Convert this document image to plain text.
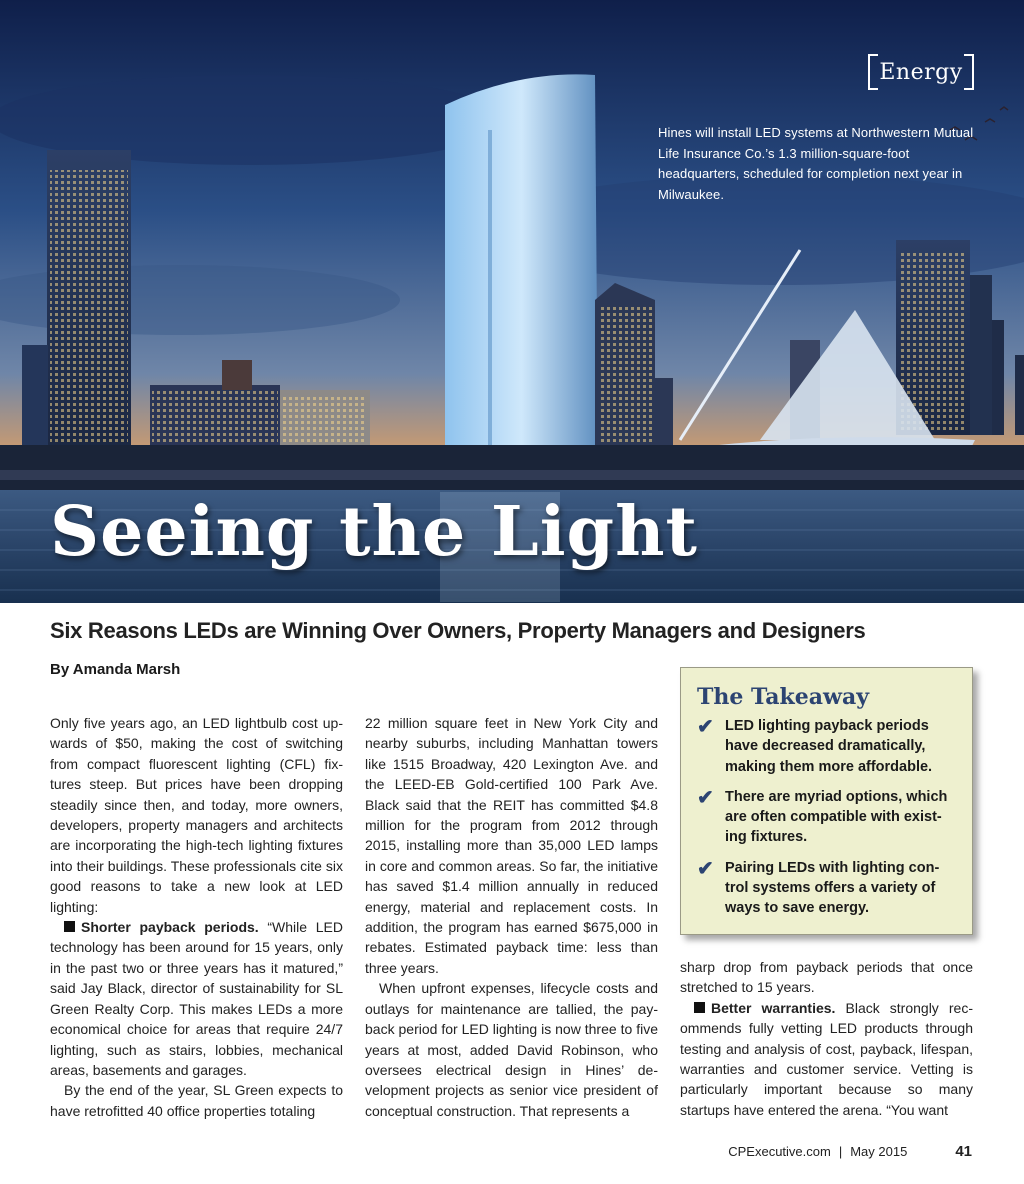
Energy
Hines will install LED systems at Northwestern Mutual Life Insurance Co.’s 1.3 million-square-foot headquarters, scheduled for completion next year in Milwaukee.
Seeing the Light
Six Reasons LEDs are Winning Over Owners, Property Managers and Designers
By Amanda Marsh

Only five years ago, an LED lightbulb cost upwards of $50, making the cost of switching from compact fluorescent lighting (CFL) fixtures steep. But prices have been dropping steadily since then, and today, more owners, developers, property managers and architects are incorporating the high-tech lighting fixtures into their buildings. These professionals cite six good reasons to take a new look at LED lighting:

Shorter payback periods. “While LED technology has been around for 15 years, only in the past two or three years has it matured,” said Jay Black, director of sustainability for SL Green Realty Corp. This makes LEDs a more economical choice for areas that require 24/7 lighting, such as stairs, lobbies, mechanical areas, basements and garages.

By the end of the year, SL Green expects to have retrofitted 40 office properties totaling

22 million square feet in New York City and nearby suburbs, including Manhattan towers like 1515 Broadway, 420 Lexington Ave. and the LEED-EB Gold-certified 100 Park Ave. Black said that the REIT has committed $4.8 million for the program from 2012 through 2015, installing more than 35,000 LED lamps in core and common areas. So far, the initiative has saved $1.4 million annually in reduced energy, material and replacement costs. In addition, the program has earned $675,000 in rebates. Estimated payback time: less than three years.

When upfront expenses, lifecycle costs and outlays for maintenance are tallied, the payback period for LED lighting is now three to five years at most, added David Robinson, who oversees electrical design in Hines’ development projects as senior vice president of conceptual construction. That represents a

The Takeaway
✔ LED lighting payback periods have decreased dramatically, making them more affordable.
✔ There are myriad options, which are often compatible with existing fixtures.
✔ Pairing LEDs with lighting control systems offers a variety of ways to save energy.

sharp drop from payback periods that once stretched to 15 years.

Better warranties. Black strongly recommends fully vetting LED products through testing and analysis of cost, payback, lifespan, warranties and customer service. Vetting is particularly important because so many startups have entered the arena. “You want

CPExecutive.com | May 2015	41
